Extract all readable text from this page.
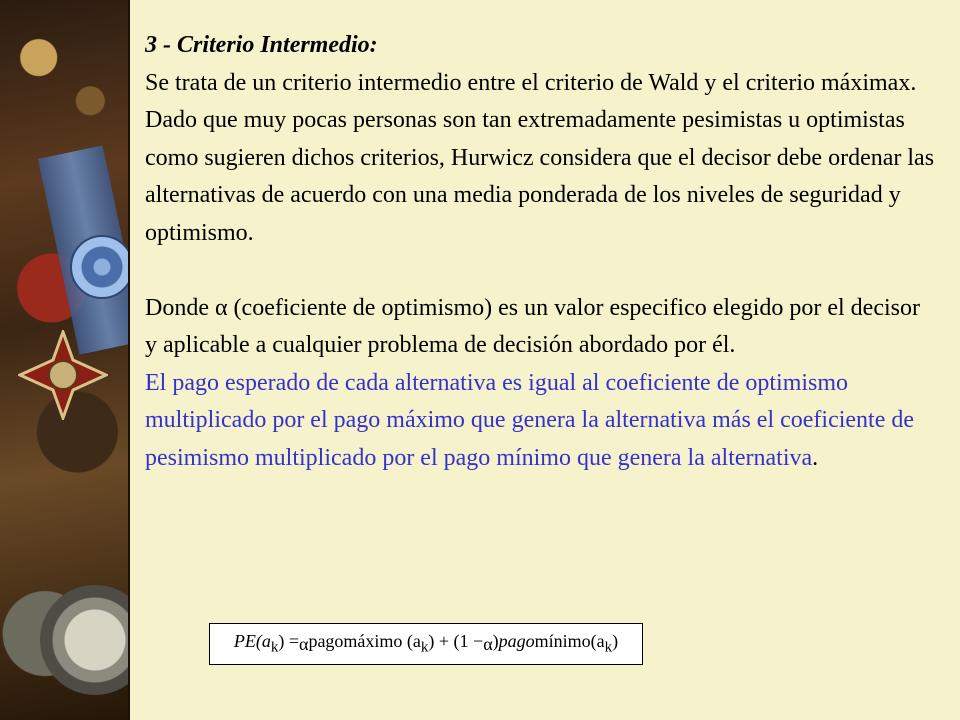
3 - Criterio Intermedio:

Se trata de un criterio intermedio entre el criterio de Wald y el criterio máximax. Dado que muy pocas personas son tan extremadamente pesimistas u optimistas como sugieren dichos criterios, Hurwicz considera que el decisor debe ordenar las alternativas de acuerdo con una media ponderada de los niveles de seguridad y optimismo.

Donde α (coeficiente de optimismo) es un valor especifico elegido por el decisor y aplicable a cualquier problema de decisión abordado por él.

El pago esperado de cada alternativa es igual al coeficiente de optimismo multiplicado por el pago máximo que genera la alternativa más el coeficiente de pesimismo multiplicado por el pago mínimo que genera la alternativa.

$PE(a_k) = \alpha$ pagomáximo $(a_k) + (1 - \alpha$ )$pagomínimo(a_k)$
